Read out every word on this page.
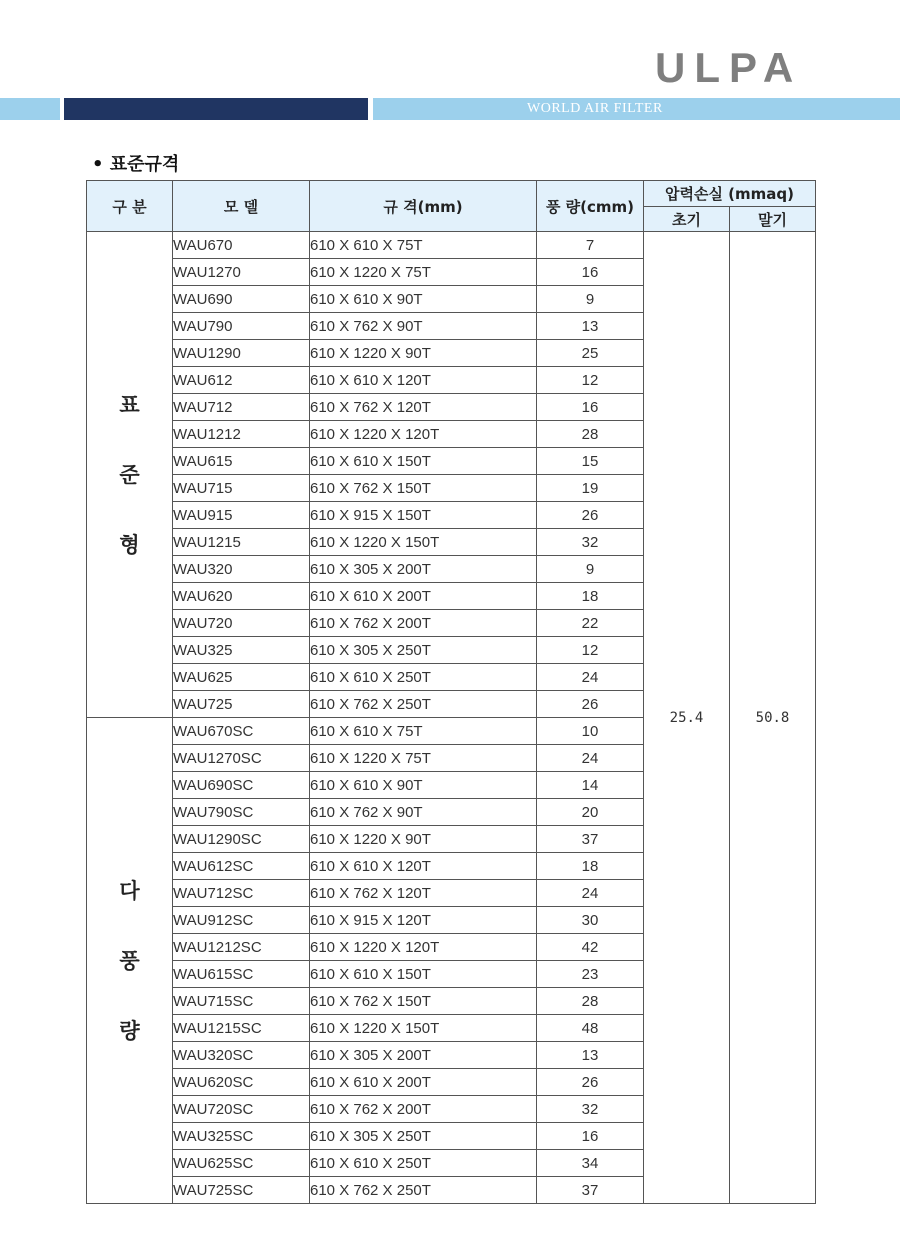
ULPA
WORLD AIR FILTER
• 표준규격
구 분	모 델	규 격(mm)	풍 량(cmm)	압력손실 (mmaq)	
				초기	말기

표
준
형	WAU670	610 X 610 X 75T	7	25.4	50.8
	WAU1270	610 X 1220 X 75T	16		
	WAU690	610 X 610 X 90T	9		
	WAU790	610 X 762 X 90T	13		
	WAU1290	610 X 1220 X 90T	25		
	WAU612	610 X 610 X 120T	12		
	WAU712	610 X 762 X 120T	16		
	WAU1212	610 X 1220 X 120T	28		
	WAU615	610 X 610 X 150T	15		
	WAU715	610 X 762 X 150T	19		
	WAU915	610 X 915 X 150T	26		
	WAU1215	610 X 1220 X 150T	32		
	WAU320	610 X 305 X 200T	9		
	WAU620	610 X 610 X 200T	18		
	WAU720	610 X 762 X 200T	22		
	WAU325	610 X 305 X 250T	12		
	WAU625	610 X 610 X 250T	24		
	WAU725	610 X 762 X 250T	26		

다
풍
량	WAU670SC	610 X 610 X 75T	10		
	WAU1270SC	610 X 1220 X 75T	24		
	WAU690SC	610 X 610 X 90T	14		
	WAU790SC	610 X 762 X 90T	20		
	WAU1290SC	610 X 1220 X 90T	37		
	WAU612SC	610 X 610 X 120T	18		
	WAU712SC	610 X 762 X 120T	24		
	WAU912SC	610 X 915 X 120T	30		
	WAU1212SC	610 X 1220 X 120T	42		
	WAU615SC	610 X 610 X 150T	23		
	WAU715SC	610 X 762 X 150T	28		
	WAU1215SC	610 X 1220 X 150T	48		
	WAU320SC	610 X 305 X 200T	13		
	WAU620SC	610 X 610 X 200T	26		
	WAU720SC	610 X 762 X 200T	32		
	WAU325SC	610 X 305 X 250T	16		
	WAU625SC	610 X 610 X 250T	34		
	WAU725SC	610 X 762 X 250T	37		
